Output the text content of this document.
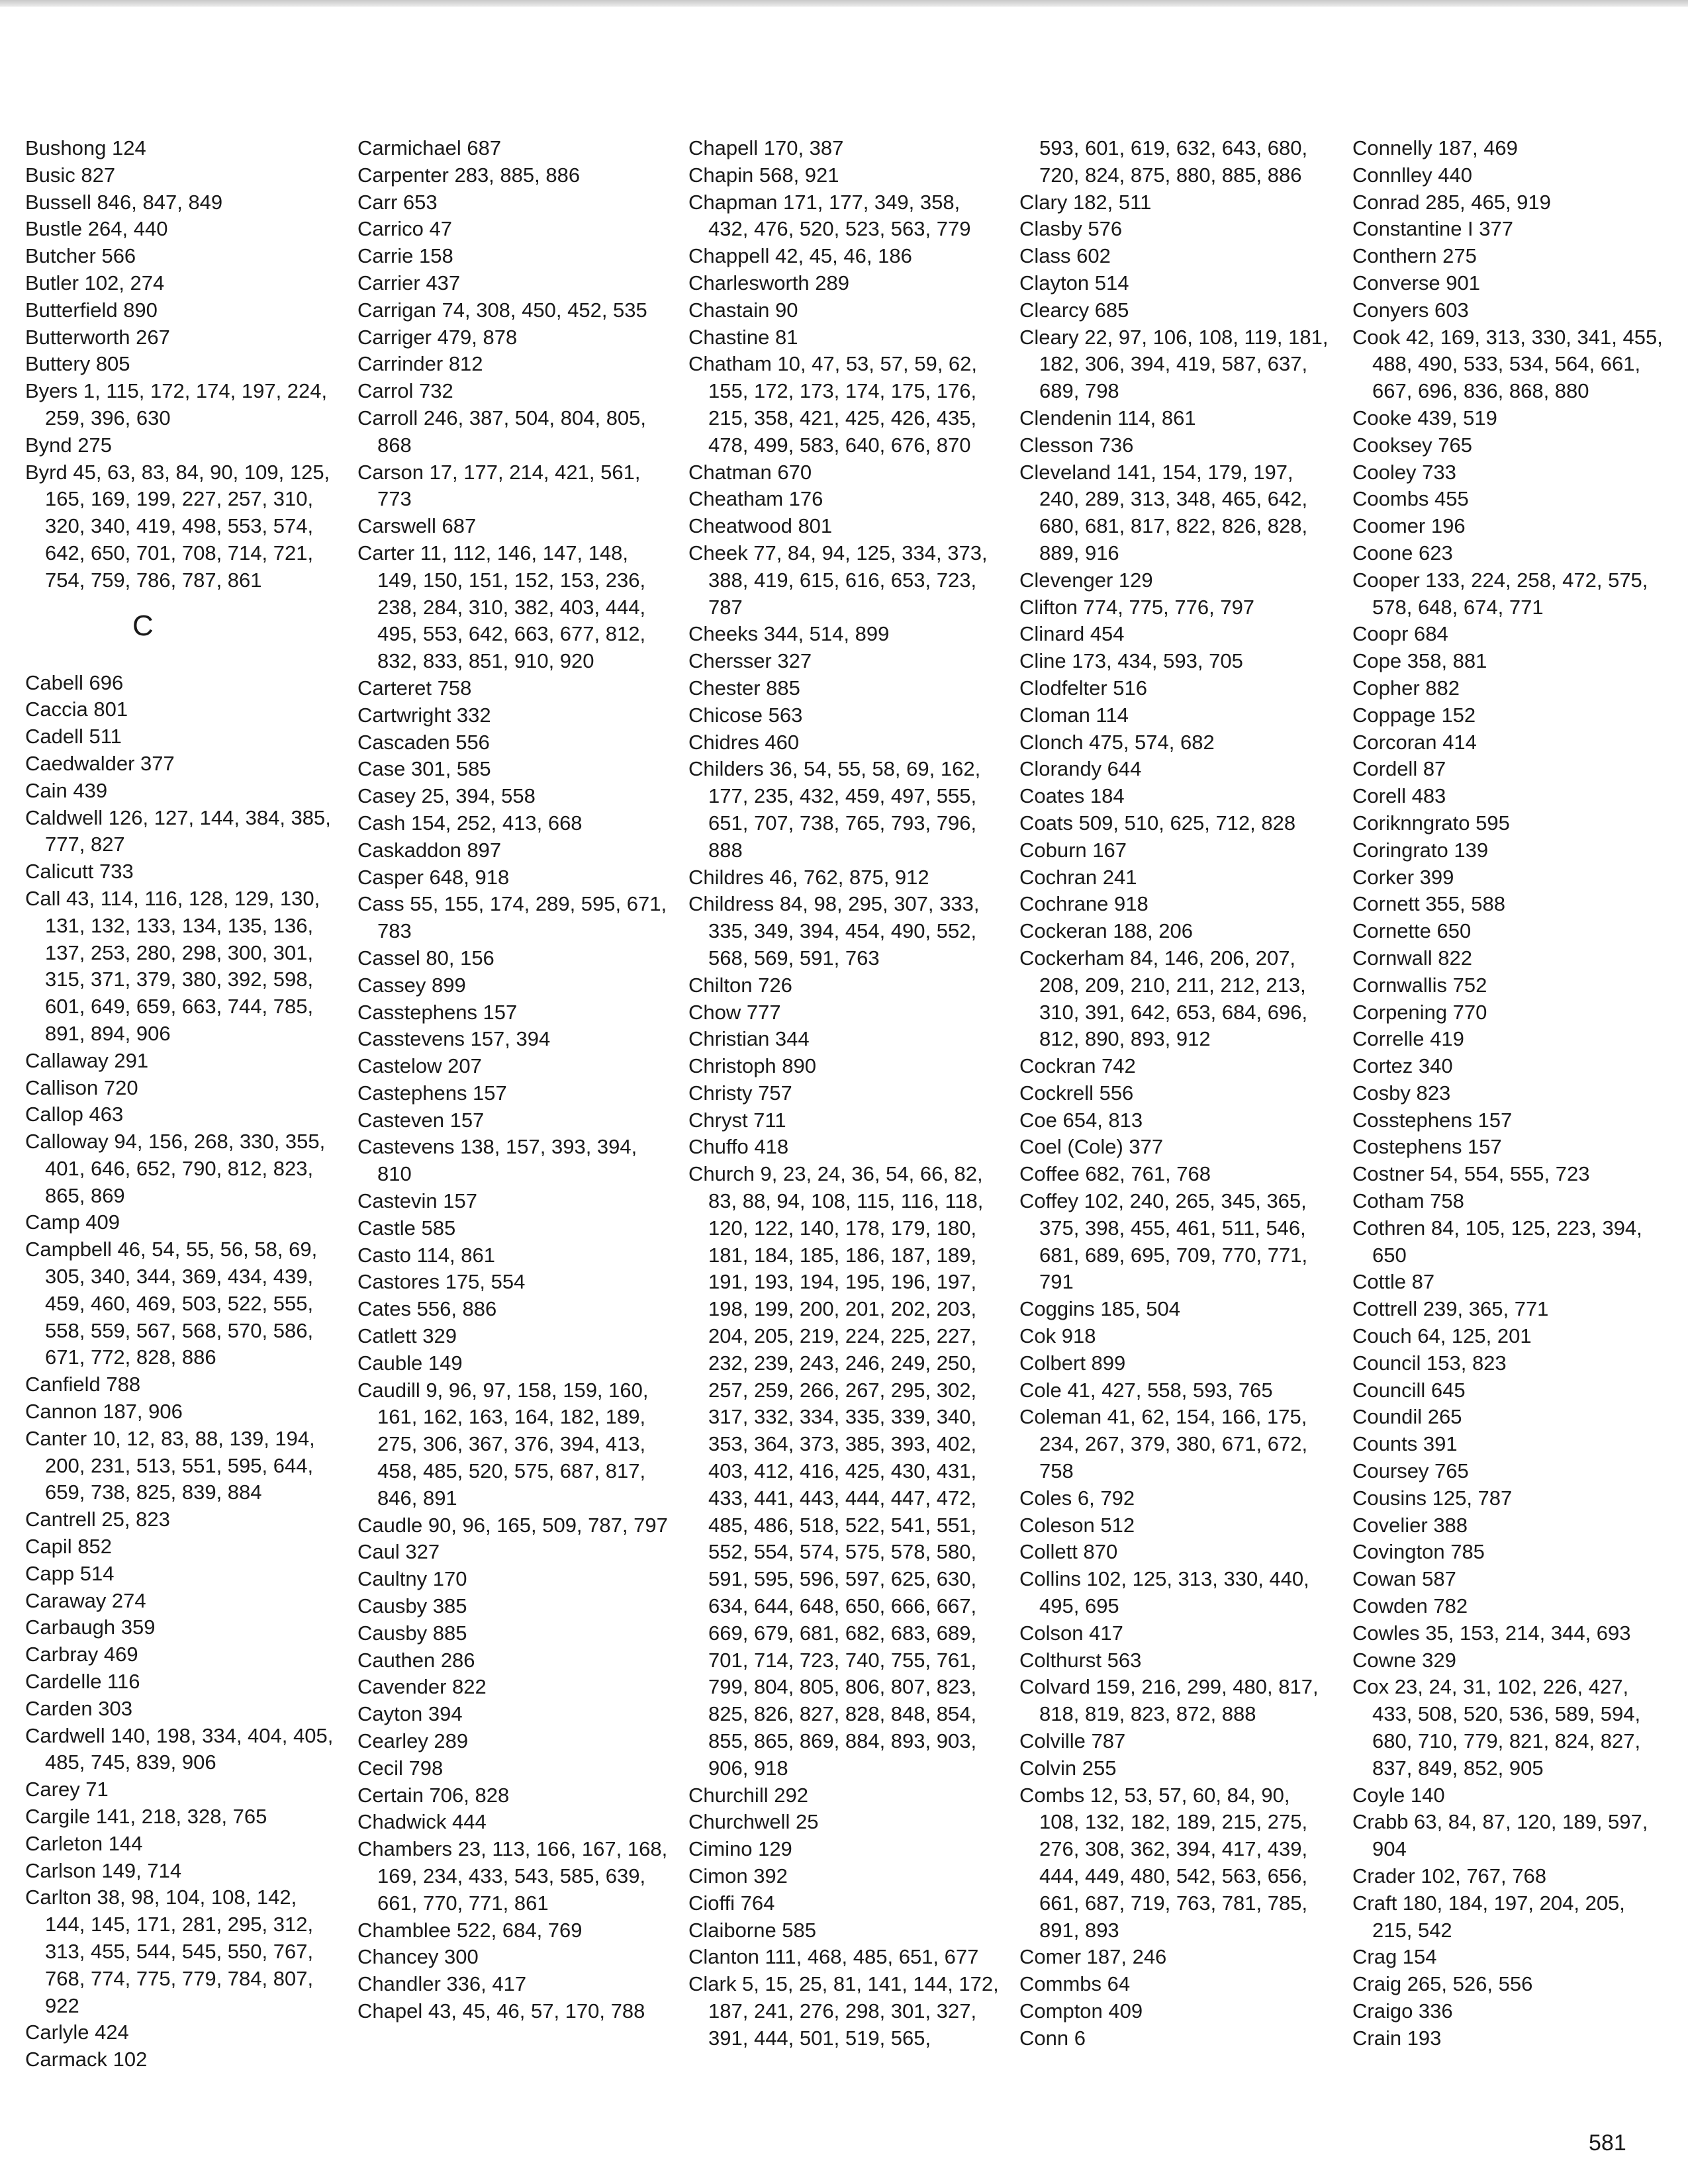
Bushong 124
Busic 827
Bussell 846, 847, 849
Bustle 264, 440
Butcher 566
Butler 102, 274
Butterfield 890
Butterworth 267
Buttery 805
Byers 1, 115, 172, 174, 197, 224, 259, 396, 630
Bynd 275
Byrd 45, 63, 83, 84, 90, 109, 125, 165, 169, 199, 227, 257, 310, 320, 340, 419, 498, 553, 574, 642, 650, 701, 708, 714, 721, 754, 759, 786, 787, 861
C
Cabell 696
Caccia 801
Cadell 511
Caedwalder 377
Cain 439
Caldwell 126, 127, 144, 384, 385, 777, 827
Calicutt 733
Call 43, 114, 116, 128, 129, 130, 131, 132, 133, 134, 135, 136, 137, 253, 280, 298, 300, 301, 315, 371, 379, 380, 392, 598, 601, 649, 659, 663, 744, 785, 891, 894, 906
Callaway 291
Callison 720
Callop 463
Calloway 94, 156, 268, 330, 355, 401, 646, 652, 790, 812, 823, 865, 869
Camp 409
Campbell 46, 54, 55, 56, 58, 69, 305, 340, 344, 369, 434, 439, 459, 460, 469, 503, 522, 555, 558, 559, 567, 568, 570, 586, 671, 772, 828, 886
Canfield 788
Cannon 187, 906
Canter 10, 12, 83, 88, 139, 194, 200, 231, 513, 551, 595, 644, 659, 738, 825, 839, 884
Cantrell 25, 823
Capil 852
Capp 514
Caraway 274
Carbaugh 359
Carbray 469
Cardelle 116
Carden 303
Cardwell 140, 198, 334, 404, 405, 485, 745, 839, 906
Carey 71
Cargile 141, 218, 328, 765
Carleton 144
Carlson 149, 714
Carlton 38, 98, 104, 108, 142, 144, 145, 171, 281, 295, 312, 313, 455, 544, 545, 550, 767, 768, 774, 775, 779, 784, 807, 922
Carlyle 424
Carmack 102
Carmichael 687
Carpenter 283, 885, 886
Carr 653
Carrico 47
Carrie 158
Carrier 437
Carrigan 74, 308, 450, 452, 535
Carriger 479, 878
Carrinder 812
Carrol 732
Carroll 246, 387, 504, 804, 805, 868
Carson 17, 177, 214, 421, 561, 773
Carswell 687
Carter 11, 112, 146, 147, 148, 149, 150, 151, 152, 153, 236, 238, 284, 310, 382, 403, 444, 495, 553, 642, 663, 677, 812, 832, 833, 851, 910, 920
Carteret 758
Cartwright 332
Cascaden 556
Case 301, 585
Casey 25, 394, 558
Cash 154, 252, 413, 668
Caskaddon 897
Casper 648, 918
Cass 55, 155, 174, 289, 595, 671, 783
Cassel 80, 156
Cassey 899
Casstephens 157
Casstevens 157, 394
Castelow 207
Castephens 157
Casteven 157
Castevens 138, 157, 393, 394, 810
Castevin 157
Castle 585
Casto 114, 861
Castores 175, 554
Cates 556, 886
Catlett 329
Cauble 149
Caudill 9, 96, 97, 158, 159, 160, 161, 162, 163, 164, 182, 189, 275, 306, 367, 376, 394, 413, 458, 485, 520, 575, 687, 817, 846, 891
Caudle 90, 96, 165, 509, 787, 797
Caul 327
Caultny 170
Causby 385
Causby 885
Cauthen 286
Cavender 822
Cayton 394
Cearley 289
Cecil 798
Certain 706, 828
Chadwick 444
Chambers 23, 113, 166, 167, 168, 169, 234, 433, 543, 585, 639, 661, 770, 771, 861
Chamblee 522, 684, 769
Chancey 300
Chandler 336, 417
Chapel 43, 45, 46, 57, 170, 788
Chapell 170, 387
Chapin 568, 921
Chapman 171, 177, 349, 358, 432, 476, 520, 523, 563, 779
Chappell 42, 45, 46, 186
Charlesworth 289
Chastain 90
Chastine 81
Chatham 10, 47, 53, 57, 59, 62, 155, 172, 173, 174, 175, 176, 215, 358, 421, 425, 426, 435, 478, 499, 583, 640, 676, 870
Chatman 670
Cheatham 176
Cheatwood 801
Cheek 77, 84, 94, 125, 334, 373, 388, 419, 615, 616, 653, 723, 787
Cheeks 344, 514, 899
Chersser 327
Chester 885
Chicose 563
Chidres 460
Childers 36, 54, 55, 58, 69, 162, 177, 235, 432, 459, 497, 555, 651, 707, 738, 765, 793, 796, 888
Childres 46, 762, 875, 912
Childress 84, 98, 295, 307, 333, 335, 349, 394, 454, 490, 552, 568, 569, 591, 763
Chilton 726
Chow 777
Christian 344
Christoph 890
Christy 757
Chryst 711
Chuffo 418
Church 9, 23, 24, 36, 54, 66, 82, 83, 88, 94, 108, 115, 116, 118, 120, 122, 140, 178, 179, 180, 181, 184, 185, 186, 187, 189, 191, 193, 194, 195, 196, 197, 198, 199, 200, 201, 202, 203, 204, 205, 219, 224, 225, 227, 232, 239, 243, 246, 249, 250, 257, 259, 266, 267, 295, 302, 317, 332, 334, 335, 339, 340, 353, 364, 373, 385, 393, 402, 403, 412, 416, 425, 430, 431, 433, 441, 443, 444, 447, 472, 485, 486, 518, 522, 541, 551, 552, 554, 574, 575, 578, 580, 591, 595, 596, 597, 625, 630, 634, 644, 648, 650, 666, 667, 669, 679, 681, 682, 683, 689, 701, 714, 723, 740, 755, 761, 799, 804, 805, 806, 807, 823, 825, 826, 827, 828, 848, 854, 855, 865, 869, 884, 893, 903, 906, 918
Churchill 292
Churchwell 25
Cimino 129
Cimon 392
Cioffi 764
Claiborne 585
Clanton 111, 468, 485, 651, 677
Clark 5, 15, 25, 81, 141, 144, 172, 187, 241, 276, 298, 301, 327, 391, 444, 501, 519, 565,
593, 601, 619, 632, 643, 680, 720, 824, 875, 880, 885, 886
Clary 182, 511
Clasby 576
Class 602
Clayton 514
Clearcy 685
Cleary 22, 97, 106, 108, 119, 181, 182, 306, 394, 419, 587, 637, 689, 798
Clendenin 114, 861
Clesson 736
Cleveland 141, 154, 179, 197, 240, 289, 313, 348, 465, 642, 680, 681, 817, 822, 826, 828, 889, 916
Clevenger 129
Clifton 774, 775, 776, 797
Clinard 454
Cline 173, 434, 593, 705
Clodfelter 516
Cloman 114
Clonch 475, 574, 682
Clorandy 644
Coates 184
Coats 509, 510, 625, 712, 828
Coburn 167
Cochran 241
Cochrane 918
Cockeran 188, 206
Cockerham 84, 146, 206, 207, 208, 209, 210, 211, 212, 213, 310, 391, 642, 653, 684, 696, 812, 890, 893, 912
Cockran 742
Cockrell 556
Coe 654, 813
Coel (Cole) 377
Coffee 682, 761, 768
Coffey 102, 240, 265, 345, 365, 375, 398, 455, 461, 511, 546, 681, 689, 695, 709, 770, 771, 791
Coggins 185, 504
Cok 918
Colbert 899
Cole 41, 427, 558, 593, 765
Coleman 41, 62, 154, 166, 175, 234, 267, 379, 380, 671, 672, 758
Coles 6, 792
Coleson 512
Collett 870
Collins 102, 125, 313, 330, 440, 495, 695
Colson 417
Colthurst 563
Colvard 159, 216, 299, 480, 817, 818, 819, 823, 872, 888
Colville 787
Colvin 255
Combs 12, 53, 57, 60, 84, 90, 108, 132, 182, 189, 215, 275, 276, 308, 362, 394, 417, 439, 444, 449, 480, 542, 563, 656, 661, 687, 719, 763, 781, 785, 891, 893
Comer 187, 246
Commbs 64
Compton 409
Conn 6
Connelly 187, 469
Connlley 440
Conrad 285, 465, 919
Constantine I 377
Conthern 275
Converse 901
Conyers 603
Cook 42, 169, 313, 330, 341, 455, 488, 490, 533, 534, 564, 661, 667, 696, 836, 868, 880
Cooke 439, 519
Cooksey 765
Cooley 733
Coombs 455
Coomer 196
Coone 623
Cooper 133, 224, 258, 472, 575, 578, 648, 674, 771
Coopr 684
Cope 358, 881
Copher 882
Coppage 152
Corcoran 414
Cordell 87
Corell 483
Coriknngrato 595
Coringrato 139
Corker 399
Cornett 355, 588
Cornette 650
Cornwall 822
Cornwallis 752
Corpening 770
Correlle 419
Cortez 340
Cosby 823
Cosstephens 157
Costephens 157
Costner 54, 554, 555, 723
Cotham 758
Cothren 84, 105, 125, 223, 394, 650
Cottle 87
Cottrell 239, 365, 771
Couch 64, 125, 201
Council 153, 823
Councill 645
Coundil 265
Counts 391
Coursey 765
Cousins 125, 787
Covelier 388
Covington 785
Cowan 587
Cowden 782
Cowles 35, 153, 214, 344, 693
Cowne 329
Cox 23, 24, 31, 102, 226, 427, 433, 508, 520, 536, 589, 594, 680, 710, 779, 821, 824, 827, 837, 849, 852, 905
Coyle 140
Crabb 63, 84, 87, 120, 189, 597, 904
Crader 102, 767, 768
Craft 180, 184, 197, 204, 205, 215, 542
Crag 154
Craig 265, 526, 556
Craigo 336
Crain 193
581
